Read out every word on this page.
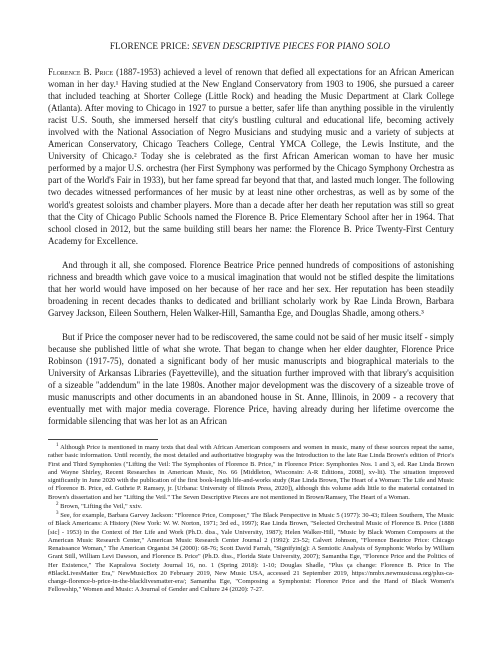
FLORENCE PRICE: SEVEN DESCRIPTIVE PIECES FOR PIANO SOLO

Florence B. Price (1887-1953) achieved a level of renown that defied all expectations for an African American woman in her day.¹ Having studied at the New England Conservatory from 1903 to 1906, she pursued a career that included teaching at Shorter College (Little Rock) and heading the Music Department at Clark College (Atlanta). After moving to Chicago in 1927 to pursue a better, safer life than anything possible in the virulently racist U.S. South, she immersed herself that city's bustling cultural and educational life, becoming actively involved with the National Association of Negro Musicians and studying music and a variety of subjects at American Conservatory, Chicago Teachers College, Central YMCA College, the Lewis Institute, and the University of Chicago.² Today she is celebrated as the first African American woman to have her music performed by a major U.S. orchestra (her First Symphony was performed by the Chicago Symphony Orchestra as part of the World's Fair in 1933), but her fame spread far beyond that that, and lasted much longer. The following two decades witnessed performances of her music by at least nine other orchestras, as well as by some of the world's greatest soloists and chamber players. More than a decade after her death her reputation was still so great that the City of Chicago Public Schools named the Florence B. Price Elementary School after her in 1964. That school closed in 2012, but the same building still bears her name: the Florence B. Price Twenty-First Century Academy for Excellence.

And through it all, she composed. Florence Beatrice Price penned hundreds of compositions of astonishing richness and breadth which gave voice to a musical imagination that would not be stifled despite the limitations that her world would have imposed on her because of her race and her sex. Her reputation has been steadily broadening in recent decades thanks to dedicated and brilliant scholarly work by Rae Linda Brown, Barbara Garvey Jackson, Eileen Southern, Helen Walker-Hill, Samantha Ege, and Douglas Shadle, among others.³

But if Price the composer never had to be rediscovered, the same could not be said of her music itself - simply because she published little of what she wrote. That began to change when her elder daughter, Florence Price Robinson (1917-75), donated a significant body of her music manuscripts and biographical materials to the University of Arkansas Libraries (Fayetteville), and the situation further improved with that library's acquisition of a sizeable "addendum" in the late 1980s. Another major development was the discovery of a sizeable trove of music manuscripts and other documents in an abandoned house in St. Anne, Illinois, in 2009 - a recovery that eventually met with major media coverage. Florence Price, having already during her lifetime overcome the formidable silencing that was her lot as an African

$^1$ Although Price is mentioned in many texts that deal with African American composers and women in music, many of these sources repeat the same, rather basic information. Until recently, the most detailed and authoritative biography was the Introduction to the late Rae Linda Brown's edition of Price's First and Third Symphonies ("Lifting the Veil: The Symphonies of Florence B. Price," in Florence Price: Symphonies Nos. 1 and 3, ed. Rae Linda Brown and Wayne Shirley, Recent Researches in American Music, No. 66 [Middleton, Wisconsin: A-R Editions, 2008], xv-lii). The situation improved significantly in June 2020 with the publication of the first book-length life-and-works study (Rae Linda Brown, The Heart of a Woman: The Life and Music of Florence B. Price, ed. Guthrie P. Ramsey, jr. [Urbana: University of Illinois Press, 2020]), although this volume adds little to the material contained in Brown's dissertation and her "Lifting the Veil." The Seven Descriptive Pieces are not mentioned in Brown/Ramsey, The Heart of a Woman.

$^2$ Brown, "Lifting the Veil," xxiv.

$^3$ See, for example, Barbara Garvey Jackson: "Florence Price, Composer," The Black Perspective in Music 5 (1977): 30-43; Eileen Southern, The Music of Black Americans: A History (New York: W. W. Norton, 1971; 3rd ed., 1997); Rae Linda Brown, "Selected Orchestral Music of Florence B. Price (1888 [sic] - 1953) in the Context of Her Life and Work (Ph.D. diss., Yale University, 1987); Helen Walker-Hill, "Music by Black Women Composers at the American Music Research Center," American Music Research Center Journal 2 (1992): 23-52; Calvert Johnson, "Florence Beatrice Price: Chicago Renaissance Woman," The American Organist 34 (2000): 68-76; Scott David Farrah, "Signifyin(g): A Semiotic Analysis of Symphonic Works by William Grant Still, William Levi Dawson, and Florence B. Price" (Ph.D. diss., Florida State University, 2007); Samantha Ege, "Florence Price and the Politics of Her Existence," The Kapralova Society Journal 16, no. 1 (Spring 2018): 1-10; Douglas Shadle, "Plus ça change: Florence B. Price In The #BlackLivesMatter Era," NewMusicBox 20 February 2019, New Music USA, accessed 21 September 2019, https://nmbx.newmusicusa.org/plus-ca-change-florence-b-price-in-the-blacklivesmatter-era/; Samantha Ege, "Composing a Symphonist: Florence Price and the Hand of Black Women's Fellowship," Women and Music: A Journal of Gender and Culture 24 (2020): 7-27.
